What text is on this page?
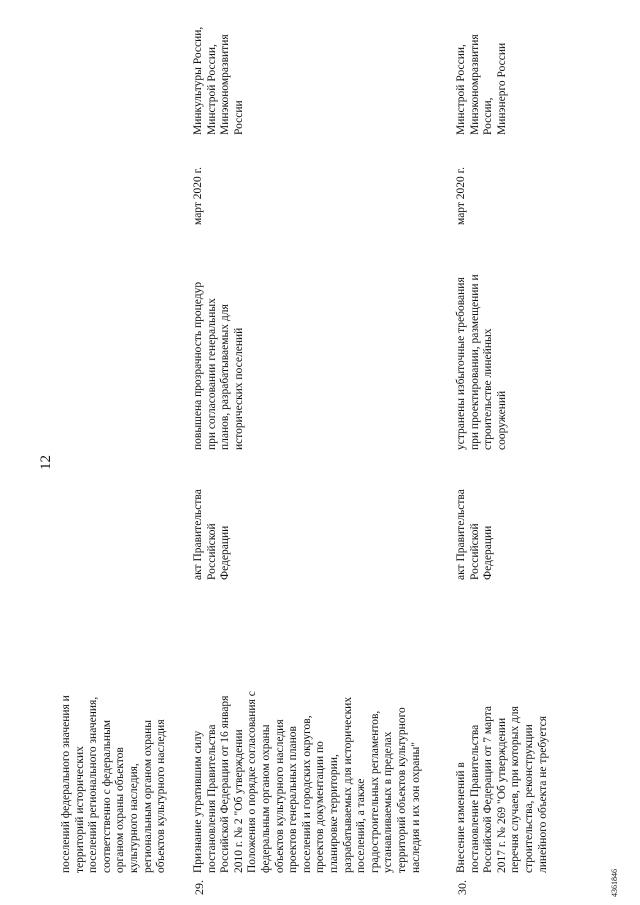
12
поселений федерального значения и
территорий исторических
поселений регионального значения,
соответственно с федеральным
органом охраны объектов
культурного наследия,
региональным органом охраны
объектов культурного наследия
29.
Признание утратившим силу
постановления Правительства
Российской Федерации от 16 января
2010 г. № 2 "Об утверждении
Положения о порядке согласования с
федеральным органом охраны
объектов культурного наследия
проектов генеральных планов
поселений и городских округов,
проектов документации по
планировке территории,
разрабатываемых для исторических
поселений, а также
градостроительных регламентов,
устанавливаемых в пределах
территорий объектов культурного
наследия и их зон охраны"
акт Правительства
Российской
Федерации
повышена прозрачность процедур
при согласовании генеральных
планов, разрабатываемых для
исторических поселений
март 2020 г.
Минкультуры России,
Минстрой России,
Минэкономразвития
России
30.
Внесение изменений в
постановление Правительства
Российской Федерации от 7 марта
2017 г. № 269 "Об утверждении
перечня случаев, при которых для
строительства, реконструкции
линейного объекта не требуется
акт Правительства
Российской
Федерации
устранены избыточные требования
при проектировании, размещении и
строительстве линейных
сооружений
март 2020 г.
Минстрой России,
Минэкономразвития
России,
Минэнерго России
4361846
